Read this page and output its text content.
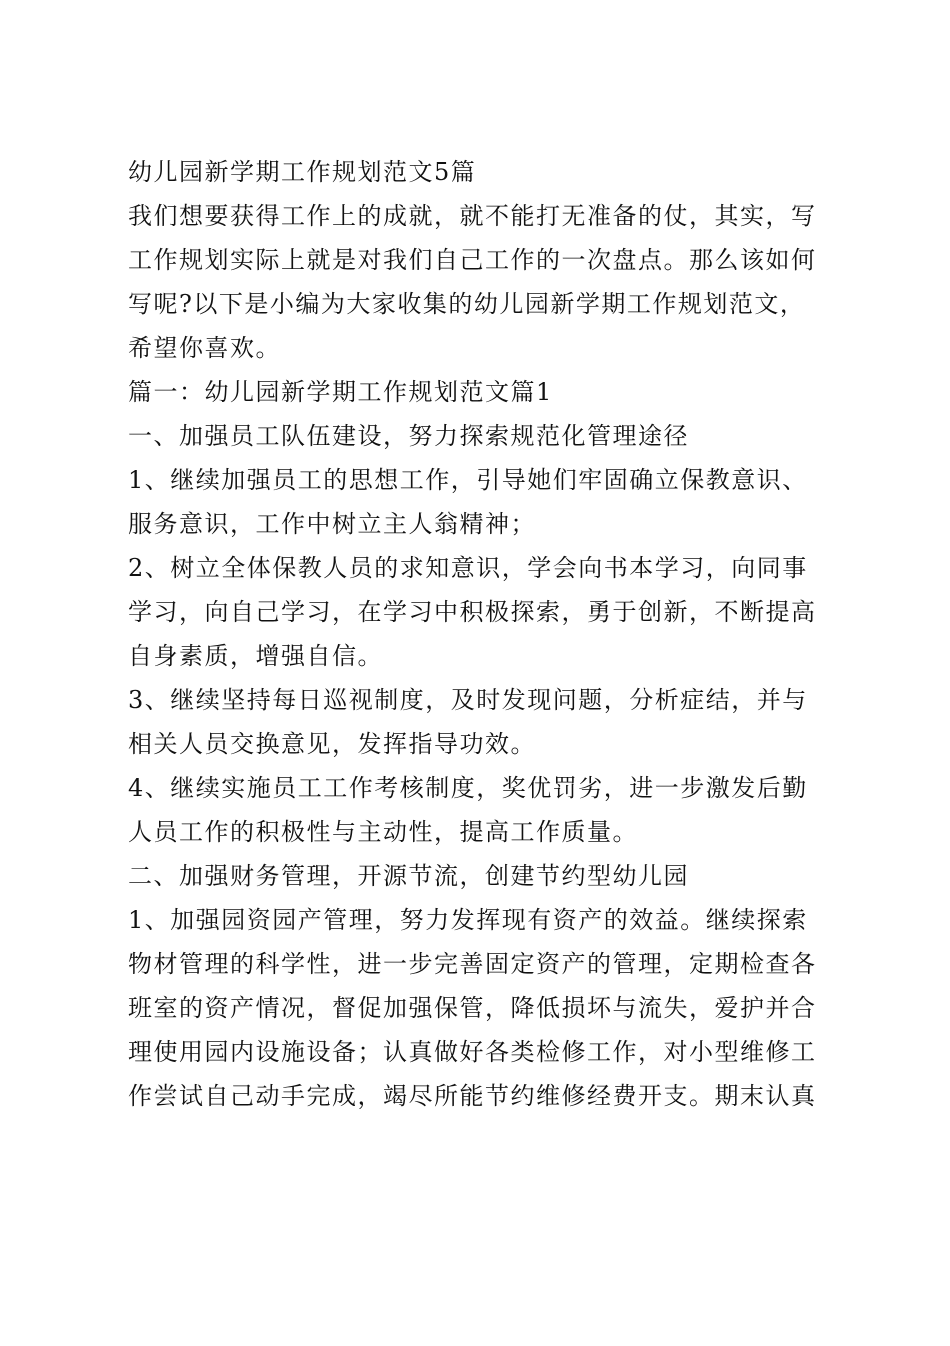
幼儿园新学期工作规划范文5篇
我们想要获得工作上的成就，就不能打无准备的仗，其实，写
工作规划实际上就是对我们自己工作的一次盘点。那么该如何
写呢?以下是小编为大家收集的幼儿园新学期工作规划范文，
希望你喜欢。
篇一：幼儿园新学期工作规划范文篇1
一、加强员工队伍建设，努力探索规范化管理途径
1、继续加强员工的思想工作，引导她们牢固确立保教意识、
服务意识，工作中树立主人翁精神；
2、树立全体保教人员的求知意识，学会向书本学习，向同事
学习，向自己学习，在学习中积极探索，勇于创新，不断提高
自身素质，增强自信。
3、继续坚持每日巡视制度，及时发现问题，分析症结，并与
相关人员交换意见，发挥指导功效。
4、继续实施员工工作考核制度，奖优罚劣，进一步激发后勤
人员工作的积极性与主动性，提高工作质量。
二、加强财务管理，开源节流，创建节约型幼儿园
1、加强园资园产管理，努力发挥现有资产的效益。继续探索
物材管理的科学性，进一步完善固定资产的管理，定期检查各
班室的资产情况，督促加强保管，降低损坏与流失，爱护并合
理使用园内设施设备；认真做好各类检修工作，对小型维修工
作尝试自己动手完成，竭尽所能节约维修经费开支。期末认真
